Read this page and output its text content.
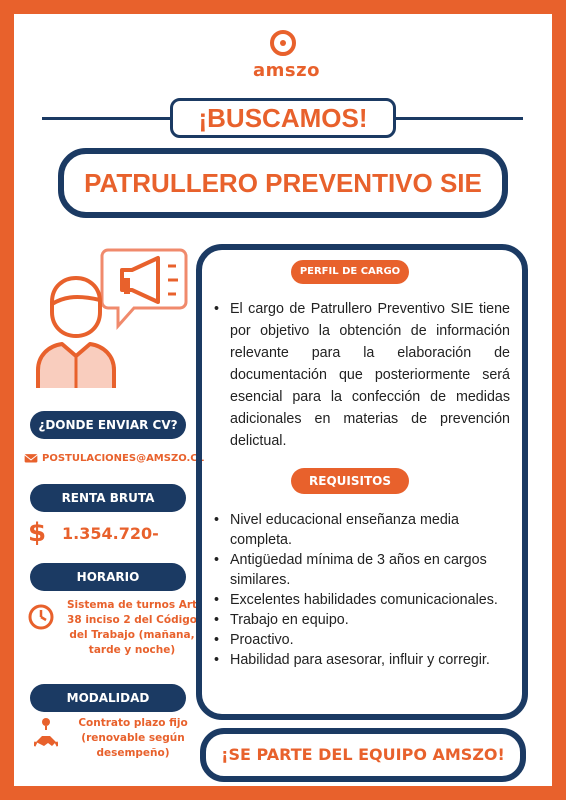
amszo
¡BUSCAMOS!
PATRULLERO PREVENTIVO SIE
¿DONDE ENVIAR CV?
POSTULACIONES@AMSZO.CL
RENTA BRUTA
$ 1.354.720-
HORARIO
Sistema de turnos Art 38 inciso 2 del Código del Trabajo (mañana, tarde y noche)
MODALIDAD
Contrato plazo fijo (renovable según desempeño)
PERFIL DE CARGO
• El cargo de Patrullero Preventivo SIE tiene por objetivo la obtención de información relevante para la elaboración de documentación que posteriormente será esencial para la confección de medidas adicionales en materias de prevención delictual.
REQUISITOS
• Nivel educacional enseñanza media completa.
• Antigüedad mínima de 3 años en cargos similares.
• Excelentes habilidades comunicacionales.
• Trabajo en equipo.
• Proactivo.
• Habilidad para asesorar, influir y corregir.
¡SE PARTE DEL EQUIPO AMSZO!
